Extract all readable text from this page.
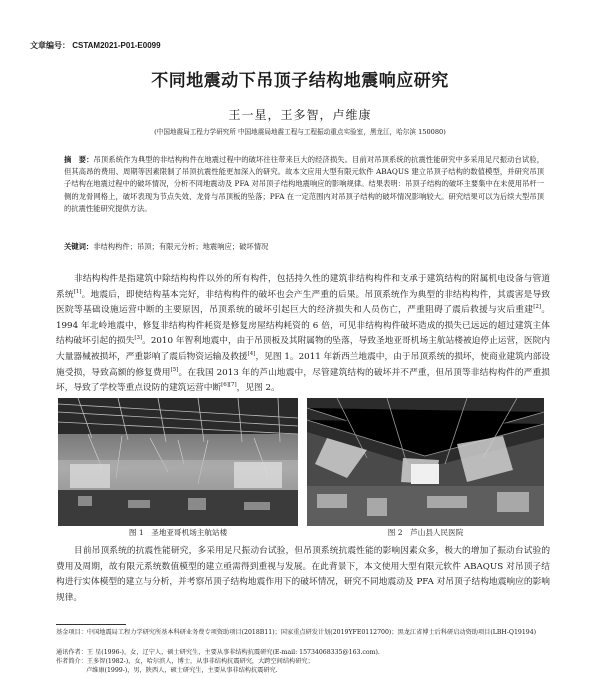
文章编号： CSTAM2021-P01-E0099
不同地震动下吊顶子结构地震响应研究
王一星，王多智，卢维康
(中国地震局工程力学研究所 中国地震局地震工程与工程振动重点实验室，黑龙江，哈尔滨 150080)

摘　要：吊顶系统作为典型的非结构构件在地震过程中的破坏往往带来巨大的经济损失。目前对吊顶系统的抗震性能研究中多采用足尺振动台试验，但其高昂的费用、周期等因素限制了吊顶抗震性能更加深入的研究。故本文应用大型有限元软件 ABAQUS 建立吊顶子结构的数值模型，并研究吊顶子结构在地震过程中的破坏情况，分析不同地震动及 PFA 对吊顶子结构地震响应的影响规律。结果表明：吊顶子结构的破坏主要集中在未使用吊杆一侧的龙骨网格上，破坏表现为节点失效、龙骨与吊顶板的坠落；PFA 在一定范围内对吊顶子结构的破坏情况影响较大。研究结果可以为后续大型吊顶的抗震性能研究提供方法。

关键词：非结构构件；吊顶；有限元分析；地震响应；破坏情况

非结构构件是指建筑中除结构构件以外的所有构件，包括持久性的建筑非结构构件和支承于建筑结构的附属机电设备与管道系统[1]。地震后，即使结构基本完好，非结构构件的破坏也会产生严重的后果。吊顶系统作为典型的非结构构件，其震害是导致医院等基础设施运营中断的主要原因，吊顶系统的破坏引起巨大的经济损失和人员伤亡，严重阻碍了震后救援与灾后重建[2]。1994 年北岭地震中，修复非结构构件耗资是修复房屋结构耗资的 6 倍，可见非结构构件破坏造成的损失已远远的超过建筑主体结构破坏引起的损失[3]。2010 年智利地震中，由于吊顶板及其附属物的坠落，导致圣地亚哥机场主航站楼被迫停止运营，医院内大量器械被损坏，严重影响了震后物资运输及救援[4]，见图 1。2011 年新西兰地震中，由于吊顶系统的损坏，使商业建筑内部设施受损，导致高额的修复费用[5]。在我国 2013 年的芦山地震中，尽管建筑结构的破坏并不严重，但吊顶等非结构构件的严重损坏，导致了学校等重点设防的建筑运营中断[6][7]，见图 2。

图 1　圣地亚哥机场主航站楼	图 2　芦山县人民医院

目前吊顶系统的抗震性能研究，多采用足尺振动台试验，但吊顶系统抗震性能的影响因素众多，极大的增加了振动台试验的费用及周期，故有限元系统数值模型的建立亟需得到重视与发展。在此背景下，本文使用大型有限元软件 ABAQUS 对吊顶子结构进行实体模型的建立与分析，并考察吊顶子结构地震作用下的破坏情况，研究不同地震动及 PFA 对吊顶子结构地震响应的影响规律。

基金项目：中国地震局工程力学研究所基本科研业务费专项资助项目(2018B11)；国家重点研发计划(2019YFE0112700)；黑龙江省博士后科研启动资助项目(LBH-Q19194)

通讯作者：王 星(1996-)，女，辽宁人，硕士研究生，主要从事非结构抗震研究(E-mail: 15734068335@163.com).

作者简介：王多智(1982-)，女，哈尔滨人，博士，从事非结构抗震研究，大跨空间结构研究；

卢维康(1999-)，男，陕西人，硕士研究生，主要从事非结构抗震研究.
